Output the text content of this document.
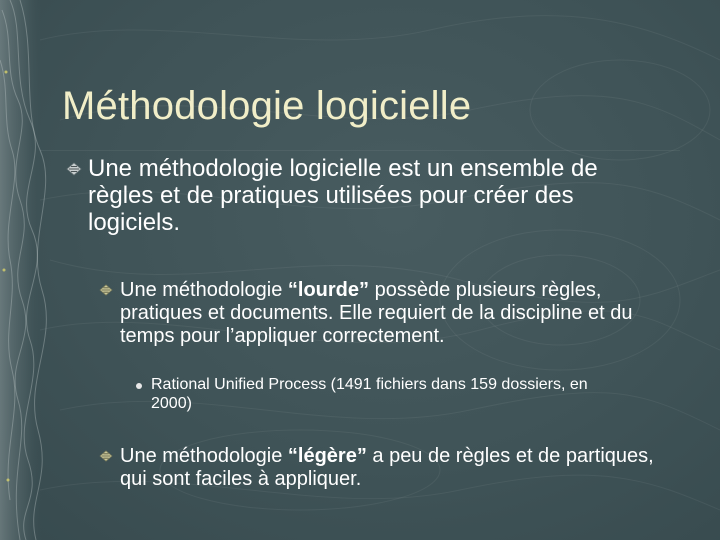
Méthodologie logicielle
Une méthodologie logicielle est un ensemble de règles et de pratiques utilisées pour créer des logiciels.
Une méthodologie “lourde” possède plusieurs règles, pratiques et documents. Elle requiert de la discipline et du temps pour l’appliquer correctement.
Rational Unified Process (1491 fichiers dans 159 dossiers, en 2000)
Une méthodologie “légère” a peu de règles et de partiques, qui sont faciles à appliquer.
